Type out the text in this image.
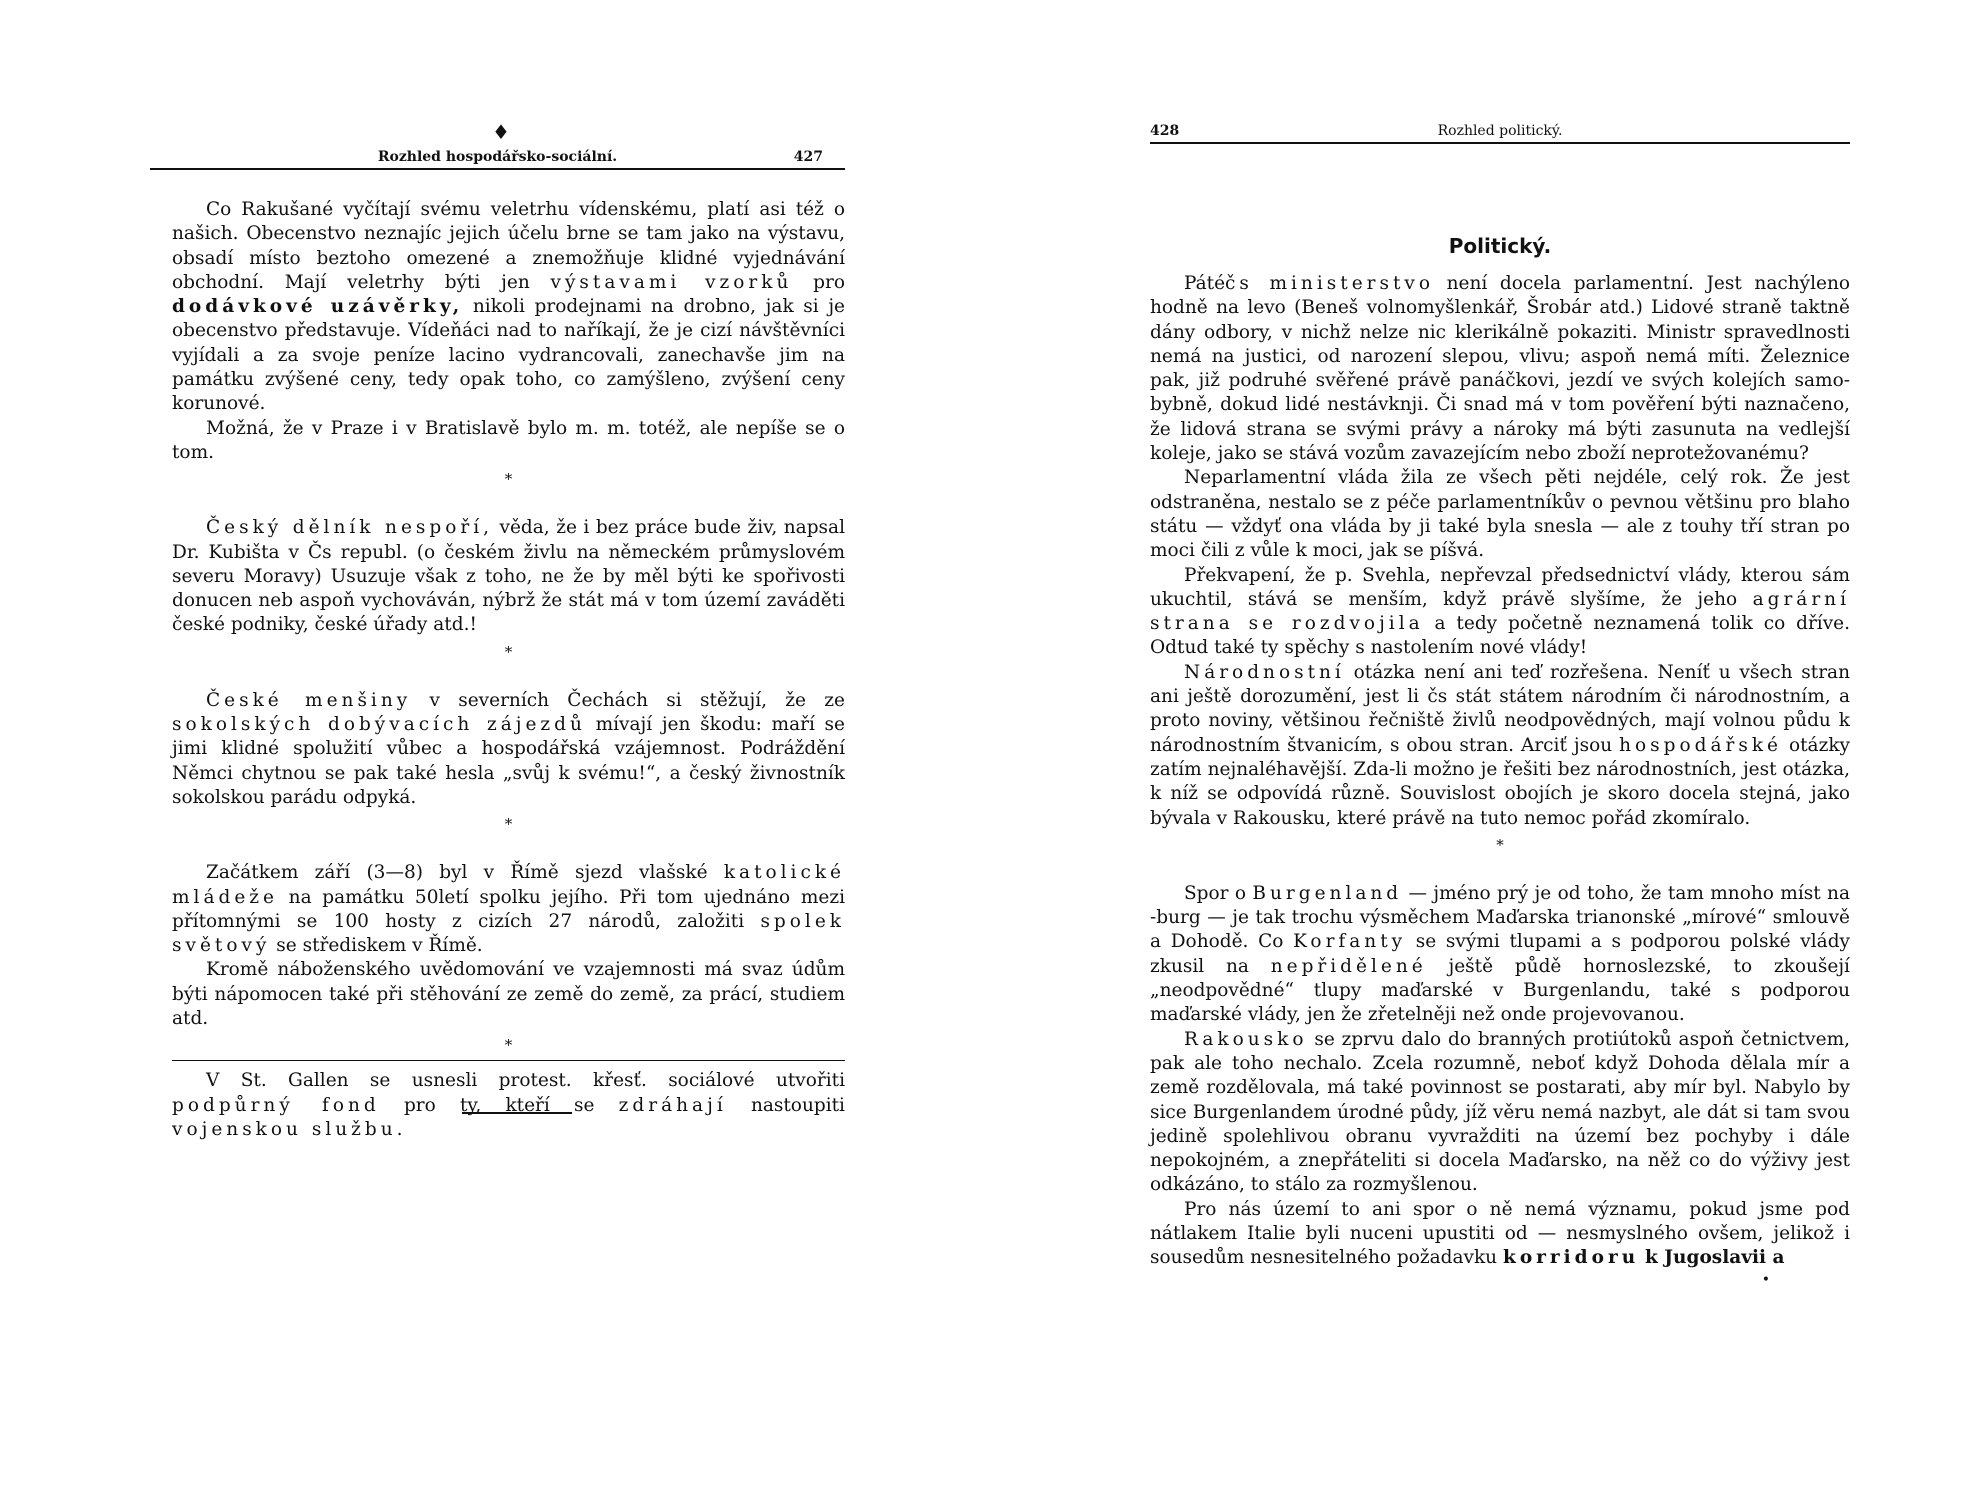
♦
Rozhled hospodářsko-sociální.	427

Co Rakušané vyčítají svému veletrhu vídenskému, platí asi též o našich. Obecenstvo neznajíc jejich účelu brne se tam jako na výstavu, obsadí místo beztoho omezené a znemožňuje klidné vyjednávání obchodní. Mají veletrhy býti jen výstavami vzorků pro dodávkové uzávěrky, nikoli prodejnami na drobno, jak si je obecenstvo představuje. Vídeňáci nad to naříkají, že je cizí návštěvníci vyjídali a za svoje peníze lacino vydrancovali, zanechavše jim na památku zvýšené ceny, tedy opak toho, co zamýšleno, zvýšení ceny korunové.

Možná, že v Praze i v Bratislavě bylo m. m. totéž, ale nepíše se o tom.

*

Český dělník nespoří, věda, že i bez práce bude živ, napsal Dr. Kubišta v Čs republ. (o českém živlu na německém průmyslovém severu Moravy) Usuzuje však z toho, ne že by měl býti ke spořivosti donucen neb aspoň vychováván, nýbrž že stát má v tom území zaváděti české podniky, české úřady atd.!

*

České menšiny v severních Čechách si stěžují, že ze sokolských dobývacích zájezdů mívají jen škodu: maří se jimi klidné spolužití vůbec a hospodářská vzájemnost. Podráždění Němci chytnou se pak také hesla „svůj k svému!“, a český živnostník sokolskou parádu odpyká.

*

Začátkem září (3—8) byl v Římě sjezd vlašské katolické mládeže na památku 50letí spolku jejího. Při tom ujednáno mezi přítomnými se 100 hosty z cizích 27 národů, založiti spolek světový se střediskem v Římě.

Kromě náboženského uvědomování ve vzajemnosti má svaz údům býti nápomocen také při stěhování ze země do země, za prácí, studiem atd.

*

V St. Gallen se usnesli protest. křesť. sociálové utvořiti podpůrný fond pro ty, kteří se zdráhají nastoupiti vojenskou službu.

428	Rozhled politický.
Politický.

Pátéčs ministerstvo není docela parlamentní. Jest nachýleno hodně na levo (Beneš volnomyšlenkář, Šrobár atd.) Lidové straně taktně dány odbory, v nichž nelze nic klerikálně pokaziti. Ministr spravedlnosti nemá na justici, od narození slepou, vlivu; aspoň nemá míti. Železnice pak, již podruhé svěřené právě panáčkovi, jezdí ve svých kolejích samo-bybně, dokud lidé nestávknji. Či snad má v tom pověření býti naznačeno, že lidová strana se svými právy a nároky má býti zasunuta na vedlejší koleje, jako se stává vozům zavazejícím nebo zboží neprotežovanému?

Neparlamentní vláda žila ze všech pěti nejdéle, celý rok. Že jest odstraněna, nestalo se z péče parlamentníkův o pevnou většinu pro blaho státu — vždyť ona vláda by ji také byla snesla — ale z touhy tří stran po moci čili z vůle k moci, jak se píšvá.

Překvapení, že p. Svehla, nepřevzal předsednictví vlády, kterou sám ukuchtil, stává se menším, když právě slyšíme, že jeho agrární strana se rozdvojila a tedy početně neznamená tolik co dříve. Odtud také ty spěchy s nastolením nové vlády!

Národnostní otázka není ani teď rozřešena. Neníť u všech stran ani ještě dorozumění, jest li čs stát státem národním či národnostním, a proto noviny, většinou řečniště živlů neodpovědných, mají volnou půdu k národnostním štvanicím, s obou stran. Arciť jsou hospodářské otázky zatím nejnaléhavější. Zda-li možno je řešiti bez národnostních, jest otázka, k níž se odpovídá různě. Souvislost obojích je skoro docela stejná, jako bývala v Rakousku, které právě na tuto nemoc pořád zkomíralo.

*

Spor o Burgenland — jméno prý je od toho, že tam mnoho míst na -burg — je tak trochu výsměchem Maďarska trianonské „mírové“ smlouvě a Dohodě. Co Korfanty se svými tlupami a s podporou polské vlády zkusil na nepřidělené ještě půdě hornoslezské, to zkoušejí „neodpovědné“ tlupy maďarské v Burgenlandu, také s podporou maďarské vlády, jen že zřetelněji než onde projevovanou.

Rakousko se zprvu dalo do branných protiútoků aspoň četnictvem, pak ale toho nechalo. Zcela rozumně, neboť když Dohoda dělala mír a země rozdělovala, má také povinnost se postarati, aby mír byl. Nabylo by sice Burgenlandem úrodné půdy, jíž věru nemá nazbyt, ale dát si tam svou jedině spolehlivou obranu vyvražditi na území bez pochyby i dále nepokojném, a znepřáteliti si docela Maďarsko, na něž co do výživy jest odkázáno, to stálo za rozmyšlenou.

Pro nás území to ani spor o ně nemá významu, pokud jsme pod nátlakem Italie byli nuceni upustiti od — nesmyslného ovšem, jelikož i sousedům nesnesitelného požadavku korridoru k Jugoslavii a

•
